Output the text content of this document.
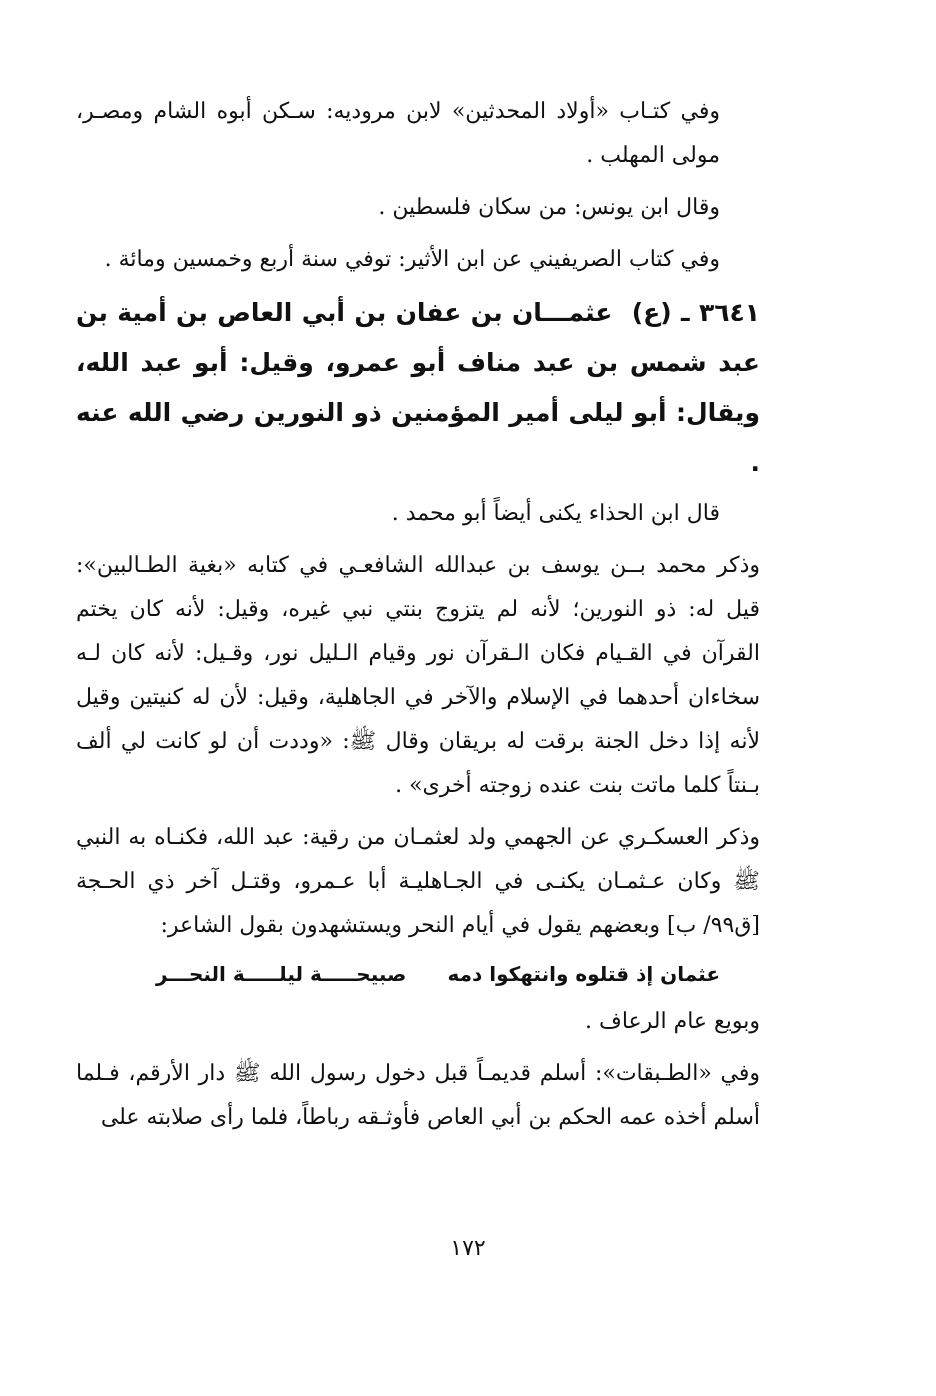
وفي كتـاب «أولاد المحدثين» لابن مروديه: سـكن أبوه الشام ومصـر، مولى المهلب .

وقال ابن يونس: من سكان فلسطين .

وفي كتاب الصريفيني عن ابن الأثير: توفي سنة أربع وخمسين ومائة .

٣٦٤١ ـ (ع) عثمـــان بن عفان بن أبي العاص بن أمية بن عبد شمس بن عبد مناف أبو عمرو، وقيل: أبو عبد الله، ويقال: أبو ليلى أمير المؤمنين ذو النورين رضي الله عنه .

قال ابن الحذاء يكنى أيضاً أبو محمد .

وذكر محمد بــن يوسف بن عبدالله الشافعـي في كتابه «بغية الطـالبين»: قيل له: ذو النورين؛ لأنه لم يتزوج بنتي نبي غيره، وقيل: لأنه كان يختم القرآن في القـيام فكان الـقرآن نور وقيام الـليل نور، وقـيل: لأنه كان لـه سخاءان أحدهما في الإسلام والآخر في الجاهلية، وقيل: لأن له كنيتين وقيل لأنه إذا دخل الجنة برقت له بريقان وقال ﷺ: «وددت أن لو كانت لي ألف بـنتاً كلما ماتت بنت عنده زوجته أخرى» .

وذكر العسكـري عن الجهمي ولد لعثمـان من رقية: عبد الله، فكنـاه به النبي ﷺ وكان عـثمـان يكنـى في الجـاهليـة أبا عـمرو، وقتـل آخر ذي الحـجة [ق٩٩/ ب] وبعضهم يقول في أيام النحر ويستشهدون بقول الشاعر:

عثمان إذ قتلوه وانتهكوا دمه
صبيحـــــة ليلـــــة النحـــر

وبويع عام الرعاف .

وفي «الطـبقات»: أسلم قديمـاً قبل دخول رسول الله ﷺ دار الأرقم، فـلما أسلم أخذه عمه الحكم بن أبي العاص فأوثـقه رباطاً، فلما رأى صلابته على

١٧٢
